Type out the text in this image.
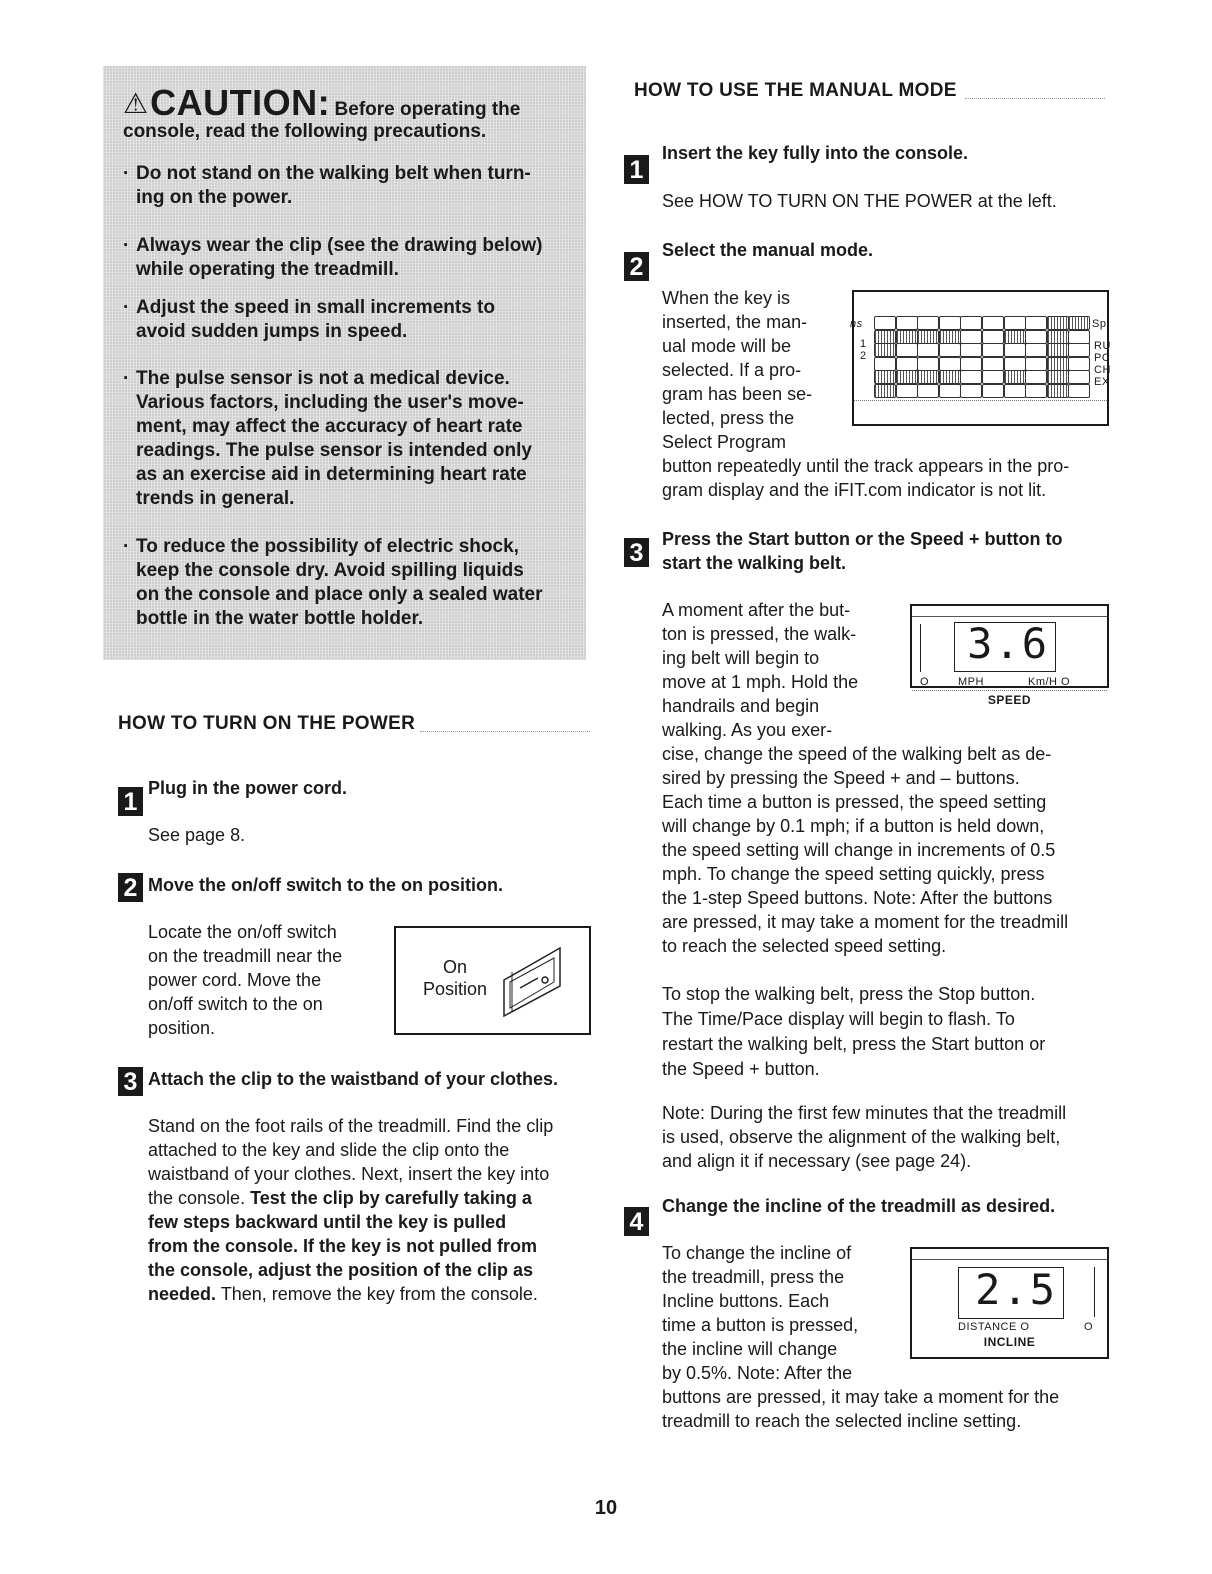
⚠CAUTION: Before operating the
console, read the following precautions.
· Do not stand on the walking belt when turn-
ing on the power.
· Always wear the clip (see the drawing below)
while operating the treadmill.
· Adjust the speed in small increments to
avoid sudden jumps in speed.
· The pulse sensor is not a medical device.
Various factors, including the user's move-
ment, may affect the accuracy of heart rate
readings. The pulse sensor is intended only
as an exercise aid in determining heart rate
trends in general.
· To reduce the possibility of electric shock,
keep the console dry. Avoid spilling liquids
on the console and place only a sealed water
bottle in the water bottle holder.
HOW TO TURN ON THE POWER
1 Plug in the power cord.
See page 8.
2 Move the on/off switch to the on position.
Locate the on/off switch
on the treadmill near the
power cord. Move the
on/off switch to the on
position.
On
Position
3 Attach the clip to the waistband of your clothes.
Stand on the foot rails of the treadmill. Find the clip
attached to the key and slide the clip onto the
waistband of your clothes. Next, insert the key into
the console. Test the clip by carefully taking a
few steps backward until the key is pulled
from the console. If the key is not pulled from
the console, adjust the position of the clip as
needed. Then, remove the key from the console.
HOW TO USE THE MANUAL MODE
1
Insert the key fully into the console.
See HOW TO TURN ON THE POWER at the left.
2
Select the manual mode.
When the key is
inserted, the man-
ual mode will be
selected. If a pro-
gram has been se-
lected, press the
Select Program
button repeatedly until the track appears in the pro-
gram display and the iFIT.com indicator is not lit.
ns
1
2
Sp
RU
PC
CH
EX
3	Press the Start button or the Speed + button to
start the walking belt.
A moment after the but-
ton is pressed, the walk-
ing belt will begin to
move at 1 mph. Hold the
handrails and begin
walking. As you exer-
cise, change the speed of the walking belt as de-
sired by pressing the Speed + and – buttons.
Each time a button is pressed, the speed setting
will change by 0.1 mph; if a button is held down,
the speed setting will change in increments of 0.5
mph. To change the speed setting quickly, press
the 1-step Speed buttons. Note: After the buttons
are pressed, it may take a moment for the treadmill
to reach the selected speed setting.
To stop the walking belt, press the Stop button.
The Time/Pace display will begin to flash. To
restart the walking belt, press the Start button or
the Speed + button.
Note: During the first few minutes that the treadmill
is used, observe the alignment of the walking belt,
and align it if necessary (see page 24).
3.6
O	MPH	Km/H O
SPEED
4
Change the incline of the treadmill as desired.
To change the incline of
the treadmill, press the
Incline buttons. Each
time a button is pressed,
the incline will change
by 0.5%. Note: After the
buttons are pressed, it may take a moment for the
treadmill to reach the selected incline setting.
2.5
DISTANCE O	O
INCLINE
10
